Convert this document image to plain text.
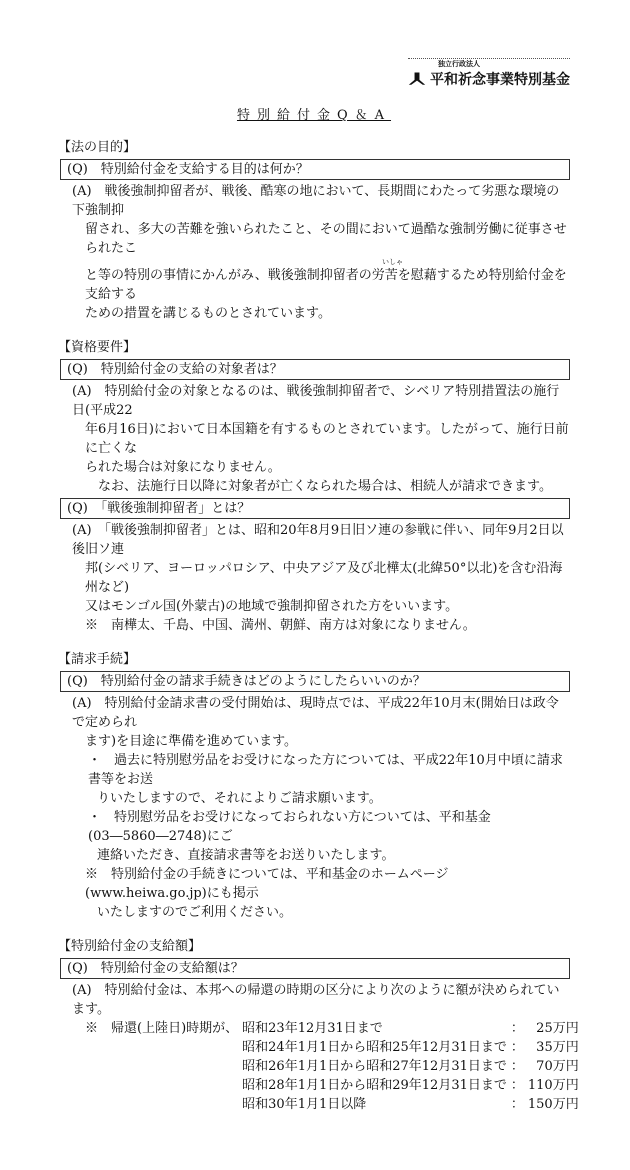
独立行政法人
平和祈念事業特別基金
特別給付金Q＆A
【法の目的】
(Q)　特別給付金を支給する目的は何か？
(A)　戦後強制抑留者が、戦後、酷寒の地において、長期間にわたって劣悪な環境の下強制抑
留され、多大の苦難を強いられたこと、その間において過酷な強制労働に従事させられたこ
いしゃ
と等の特別の事情にかんがみ、戦後強制抑留者の労苦を慰藉するため特別給付金を支給する
ための措置を講じるものとされています。
【資格要件】
(Q)　特別給付金の支給の対象者は？
(A)　特別給付金の対象となるのは、戦後強制抑留者で、シベリア特別措置法の施行日(平成22
年6月16日)において日本国籍を有するものとされています。したがって、施行日前に亡くな
られた場合は対象になりません。
　なお、法施行日以降に対象者が亡くなられた場合は、相続人が請求できます。
(Q)　「戦後強制抑留者」とは？
(A)　「戦後強制抑留者」とは、昭和20年8月9日旧ソ連の参戦に伴い、同年9月2日以後旧ソ連
邦(シベリア、ヨーロッパロシア、中央アジア及び北樺太(北緯50°以北)を含む沿海州など)
又はモンゴル国(外蒙古)の地域で強制抑留された方をいいます。
※　南樺太、千島、中国、満州、朝鮮、南方は対象になりません。
【請求手続】
(Q)　特別給付金の請求手続きはどのようにしたらいいのか？
(A)　特別給付金請求書の受付開始は、現時点では、平成22年10月末(開始日は政令で定められ
ます)を目途に準備を進めています。
・　過去に特別慰労品をお受けになった方については、平成22年10月中頃に請求書等をお送
りいたしますので、それによりご請求願います。
・　特別慰労品をお受けになっておられない方については、平和基金(03―5860―2748)にご
連絡いただき、直接請求書等をお送りいたします。
※　特別給付金の手続きについては、平和基金のホームページ(www.heiwa.go.jp)にも掲示
いたしますのでご利用ください。
【特別給付金の支給額】
(Q)　特別給付金の支給額は？
(A)　特別給付金は、本邦への帰還の時期の区分により次のように額が決められています。
※　帰還(上陸日)時期が、	昭和23年12月31日まで	：	25万円
	昭和24年1月1日から昭和25年12月31日まで	：	35万円
	昭和26年1月1日から昭和27年12月31日まで	：	70万円
	昭和28年1月1日から昭和29年12月31日まで	：	110万円
	昭和30年1月1日以降	：	150万円
